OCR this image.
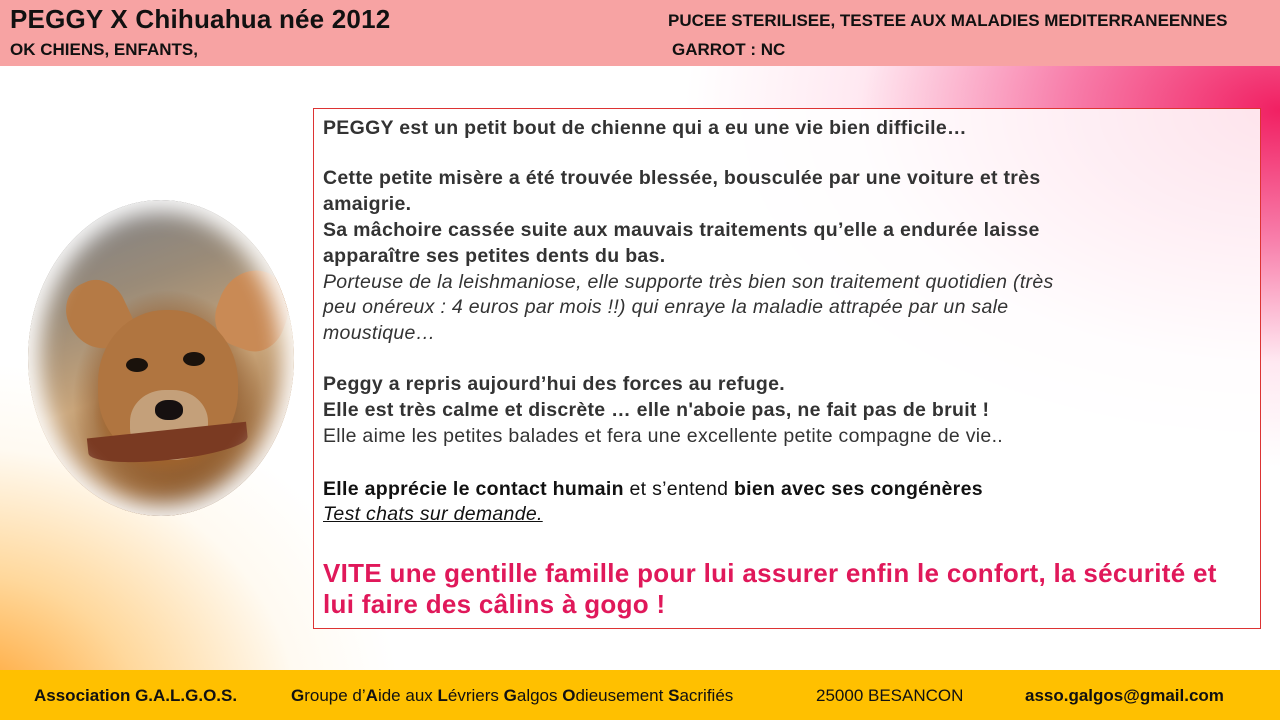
PEGGY X Chihuahua née 2012
OK CHIENS, ENFANTS,
PUCEE STERILISEE, TESTEE AUX MALADIES MEDITERRANEENNES
GARROT : NC
PEGGY est un petit bout de chienne qui a eu une vie bien difficile…
Cette petite misère a été trouvée blessée, bousculée par une voiture et très
amaigrie.
Sa mâchoire cassée suite aux mauvais traitements qu’elle a endurée laisse
apparaître ses petites dents du bas.
Porteuse de la leishmaniose, elle supporte très bien son traitement quotidien (très
peu onéreux : 4 euros par mois !!) qui enraye la maladie attrapée par un sale
moustique…
Peggy a repris aujourd’hui des forces au refuge.
Elle est très calme et discrète … elle n'aboie pas, ne fait pas de bruit !
Elle aime les petites balades et fera une excellente petite compagne de vie..
Elle apprécie le contact humain et s’entend bien avec ses congénères
Test chats sur demande.
VITE une gentille famille pour lui assurer enfin le confort, la sécurité et lui faire des câlins à gogo !
Association G.A.L.G.O.S.	Groupe d’Aide aux Lévriers Galgos Odieusement Sacrifiés	25000 BESANCON	asso.galgos@gmail.com
